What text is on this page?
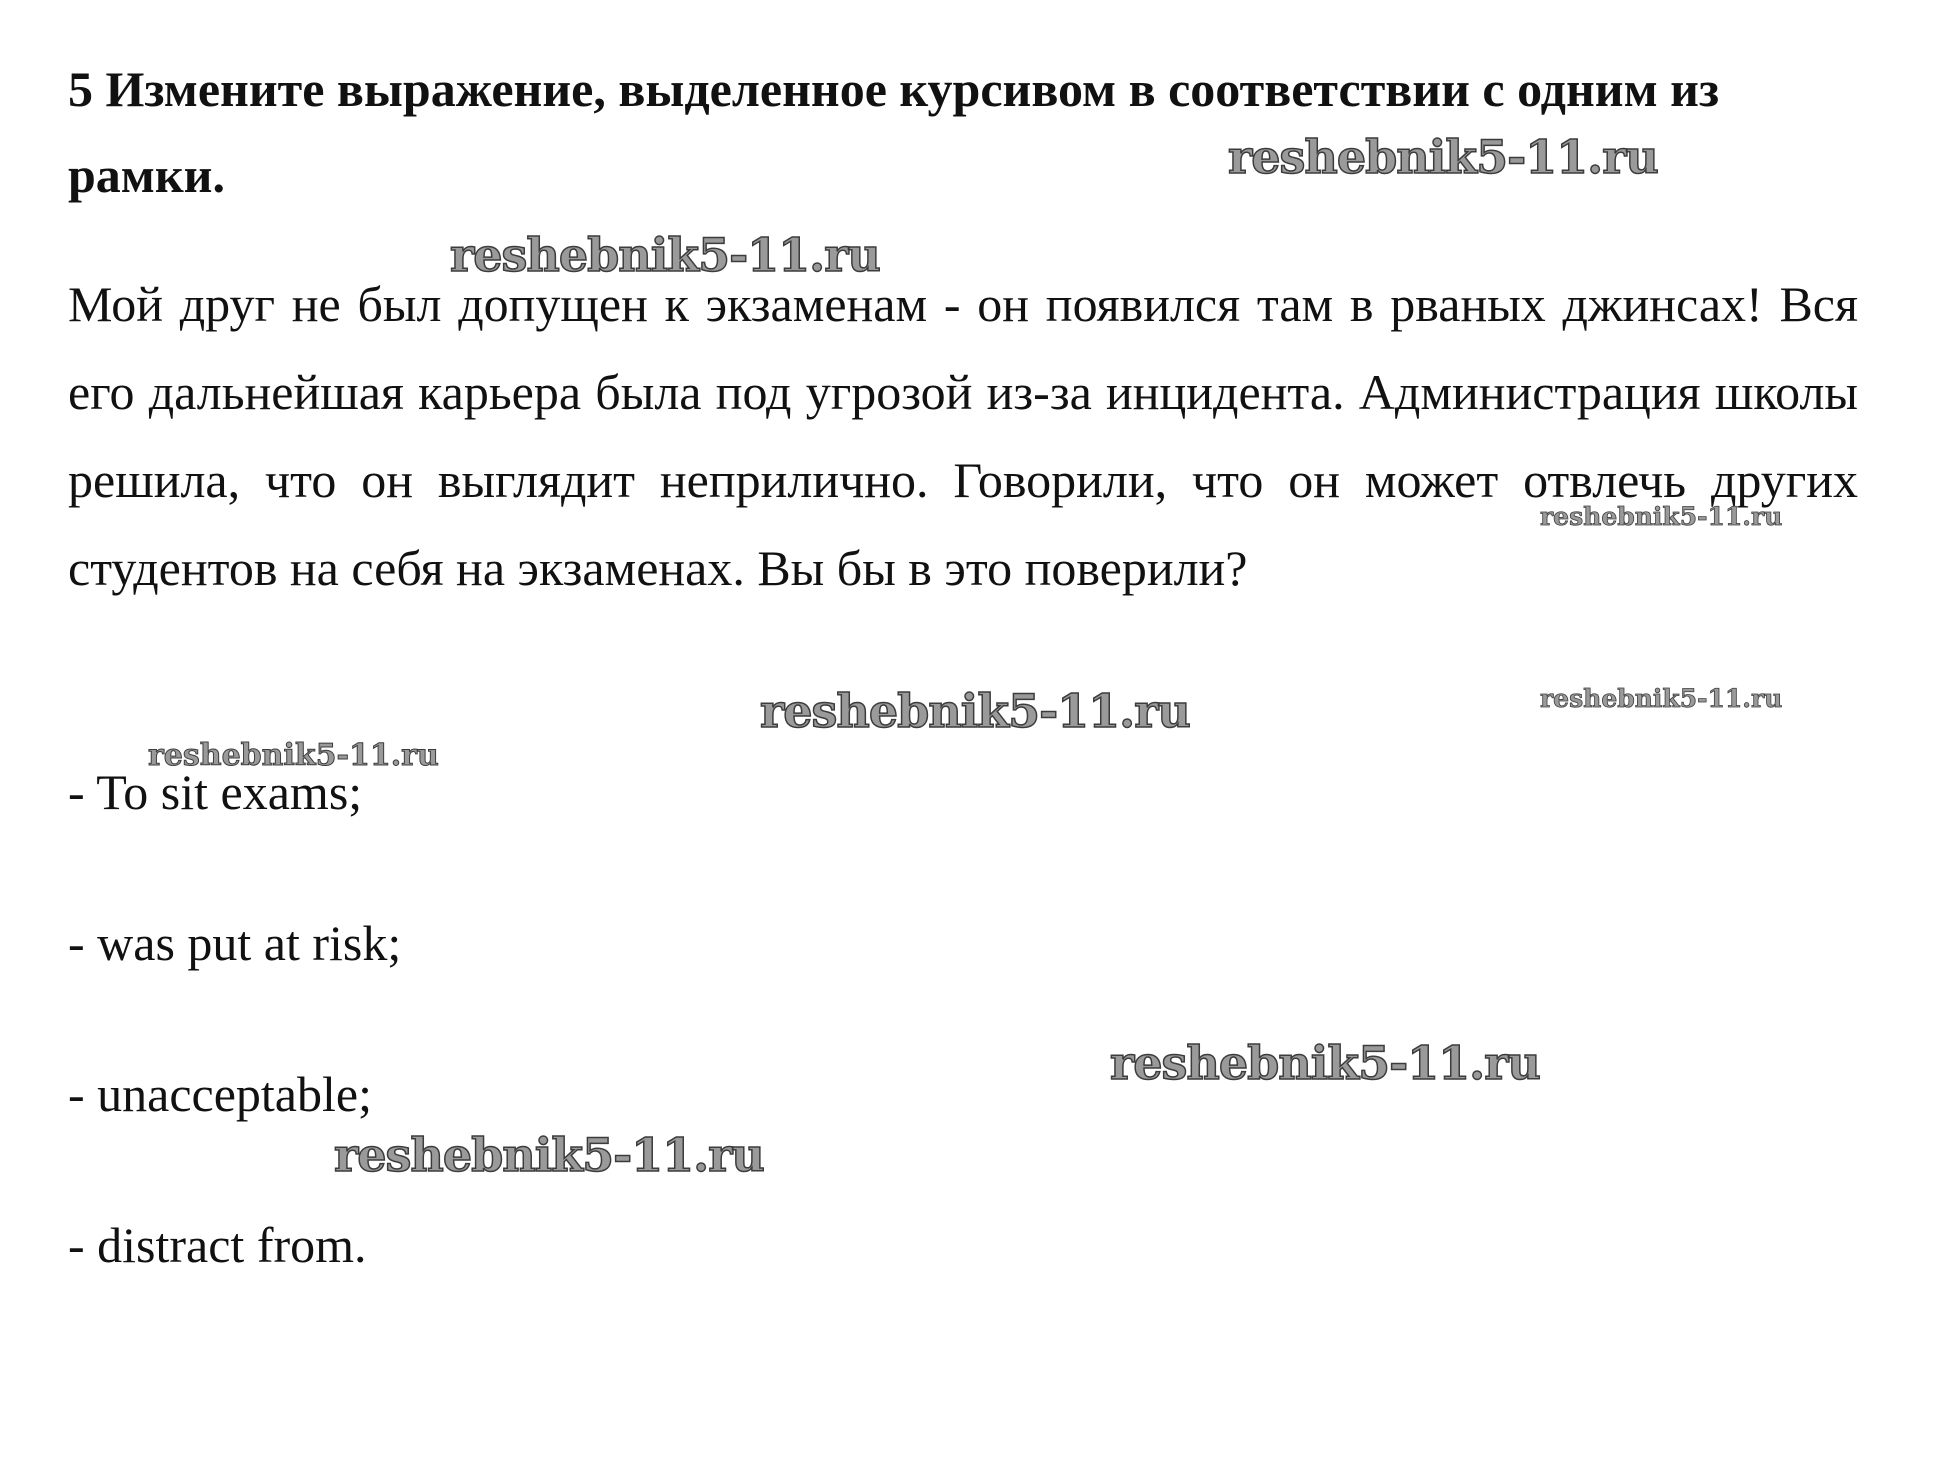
5 Измените выражение, выделенное курсивом в соответствии с одним из рамки.

Мой друг не был допущен к экзаменам - он появился там в рваных джинсах! Вся его дальнейшая карьера была под угрозой из-за инцидента. Администрация школы решила, что он выглядит неприлично. Говорили, что он может отвлечь других студентов на себя на экзаменах. Вы бы в это поверили?

- To sit exams;
- was put at risk;
- unacceptable;
- distract from.
reshebnik5-11.ru
reshebnik5-11.ru
reshebnik5-11.ru
reshebnik5-11.ru	reshebnik5-11.ru
reshebnik5-11.ru
reshebnik5-11.ru
reshebnik5-11.ru
